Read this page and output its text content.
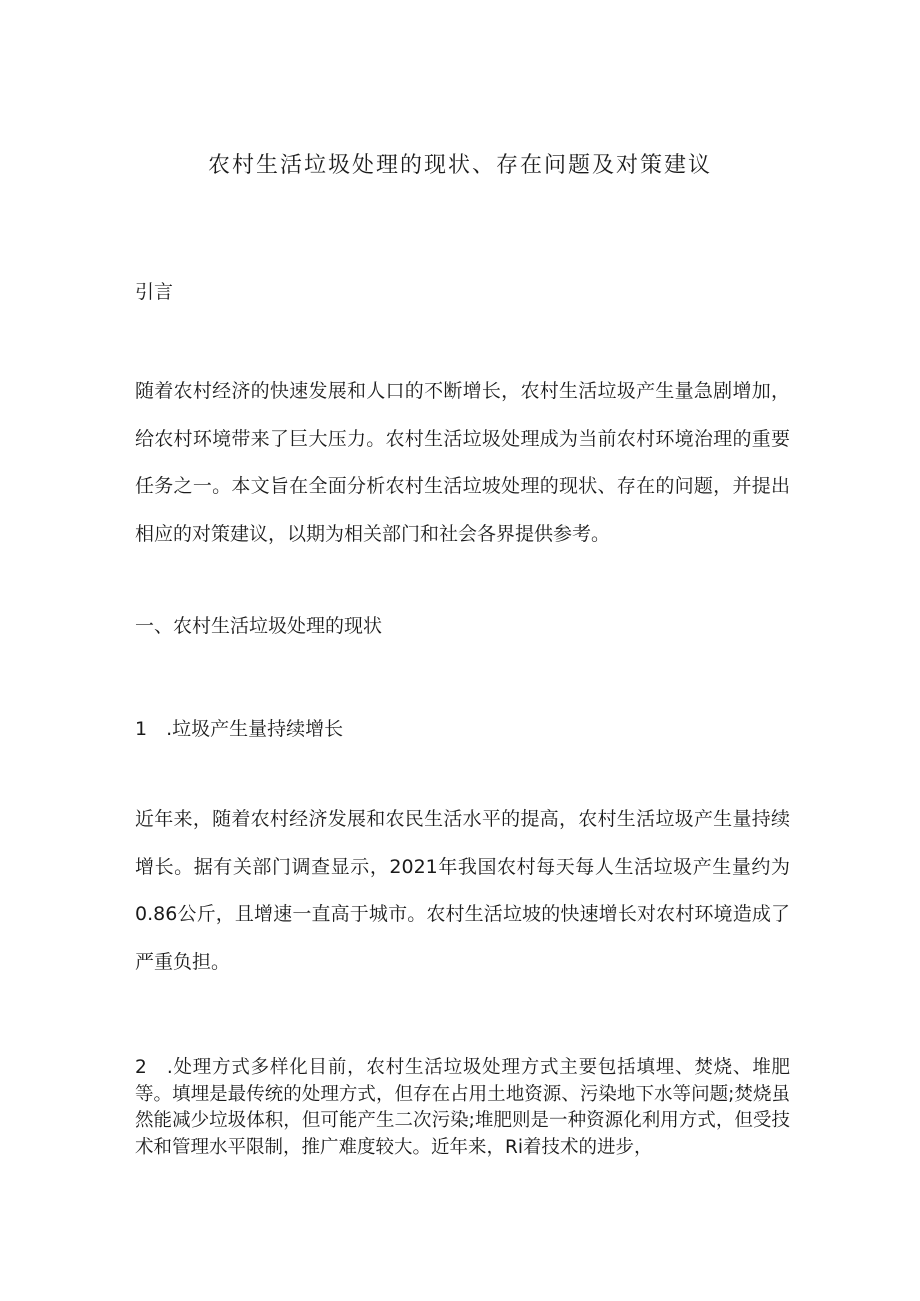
农村生活垃圾处理的现状、存在问题及对策建议

引言

随着农村经济的快速发展和人口的不断增长，农村生活垃圾产生量急剧增加，给农村环境带来了巨大压力。农村生活垃圾处理成为当前农村环境治理的重要任务之一。本文旨在全面分析农村生活垃坡处理的现状、存在的问题，并提出相应的对策建议，以期为相关部门和社会各界提供参考。

一、农村生活垃圾处理的现状

1　.垃圾产生量持续增长

近年来，随着农村经济发展和农民生活水平的提高，农村生活垃圾产生量持续增长。据有关部门调查显示，2021年我国农村每天每人生活垃圾产生量约为0.86公斤，且增速一直高于城市。农村生活垃坡的快速增长对农村环境造成了严重负担。

2　.处理方式多样化目前，农村生活垃圾处理方式主要包括填埋、焚烧、堆肥等。填埋是最传统的处理方式，但存在占用土地资源、污染地下水等问题;焚烧虽然能减少垃圾体积，但可能产生二次污染;堆肥则是一种资源化利用方式，但受技术和管理水平限制，推广难度较大。近年来，Ri着技术的进步，
